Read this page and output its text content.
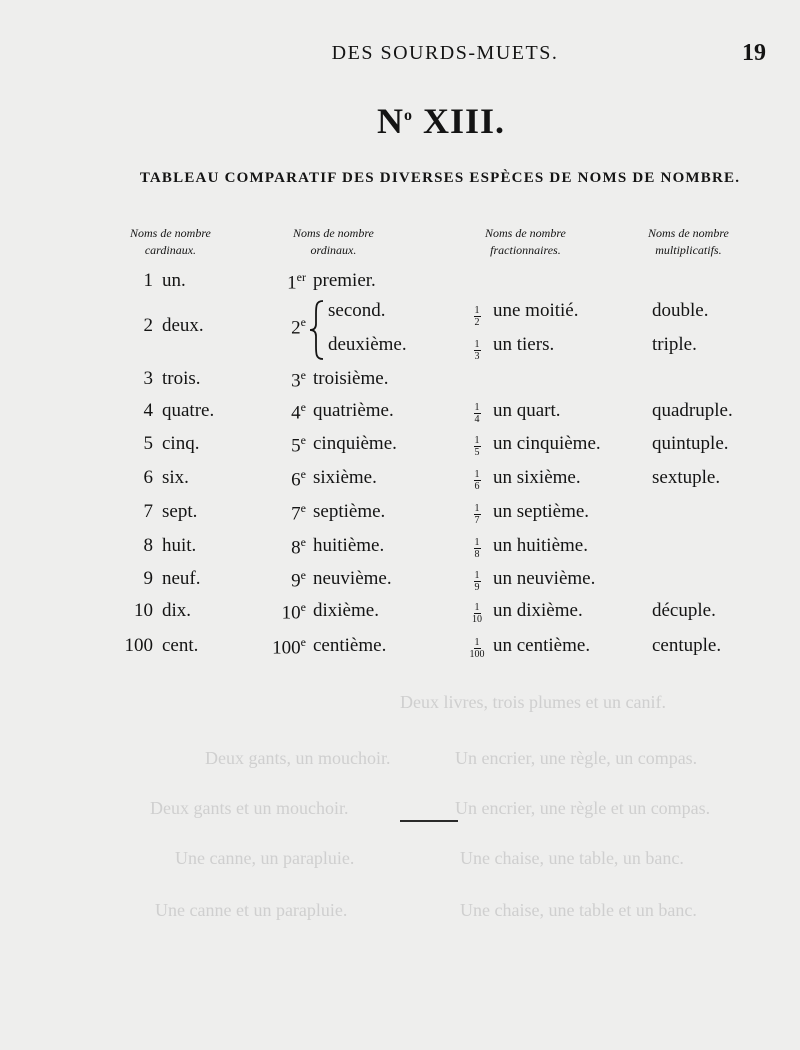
Deux livres, trois plumes et un canif.
Un encrier, une règle, un compas.
Deux gants, un mouchoir.
Un encrier, une règle et un compas.
Deux gants et un mouchoir.
Une chaise, une table, un banc.
Une canne, un parapluie.
Une chaise, une table et un banc.
Une canne et un parapluie.
DES SOURDS-MUETS.	19
$N^o$ XIII.
TABLEAU COMPARATIF DES DIVERSES ESPÈCES DE NOMS DE NOMBRE.
Noms de nombre
cardinaux.
Noms de nombre
ordinaux.
Noms de nombre
fractionnaires.
Noms de nombre
multiplicatifs.
1 un.	1er premier.
2 deux.	2e
second.	$\frac{1}{2}$ une moitié.	double.
deuxième.	$\frac{1}{3}$ un tiers.	triple.
3 trois.	3e troisième.
4 quatre.	4e quatrième.	$\frac{1}{4}$ un quart.	quadruple.
5 cinq.	5e cinquième.	$\frac{1}{5}$ un cinquième.	quintuple.
6 six.	6e sixième.	$\frac{1}{6}$ un sixième.	sextuple.
7 sept.	7e septième.	$\frac{1}{7}$ un septième.
8 huit.	8e huitième.	$\frac{1}{8}$ un huitième.
9 neuf.	9e neuvième.	$\frac{1}{9}$ un neuvième.
10 dix.	10e dixième.	$\frac{1}{10}$ un dixième.	décuple.
100 cent.	100e centième.	$\frac{1}{100}$ un centième.	centuple.
